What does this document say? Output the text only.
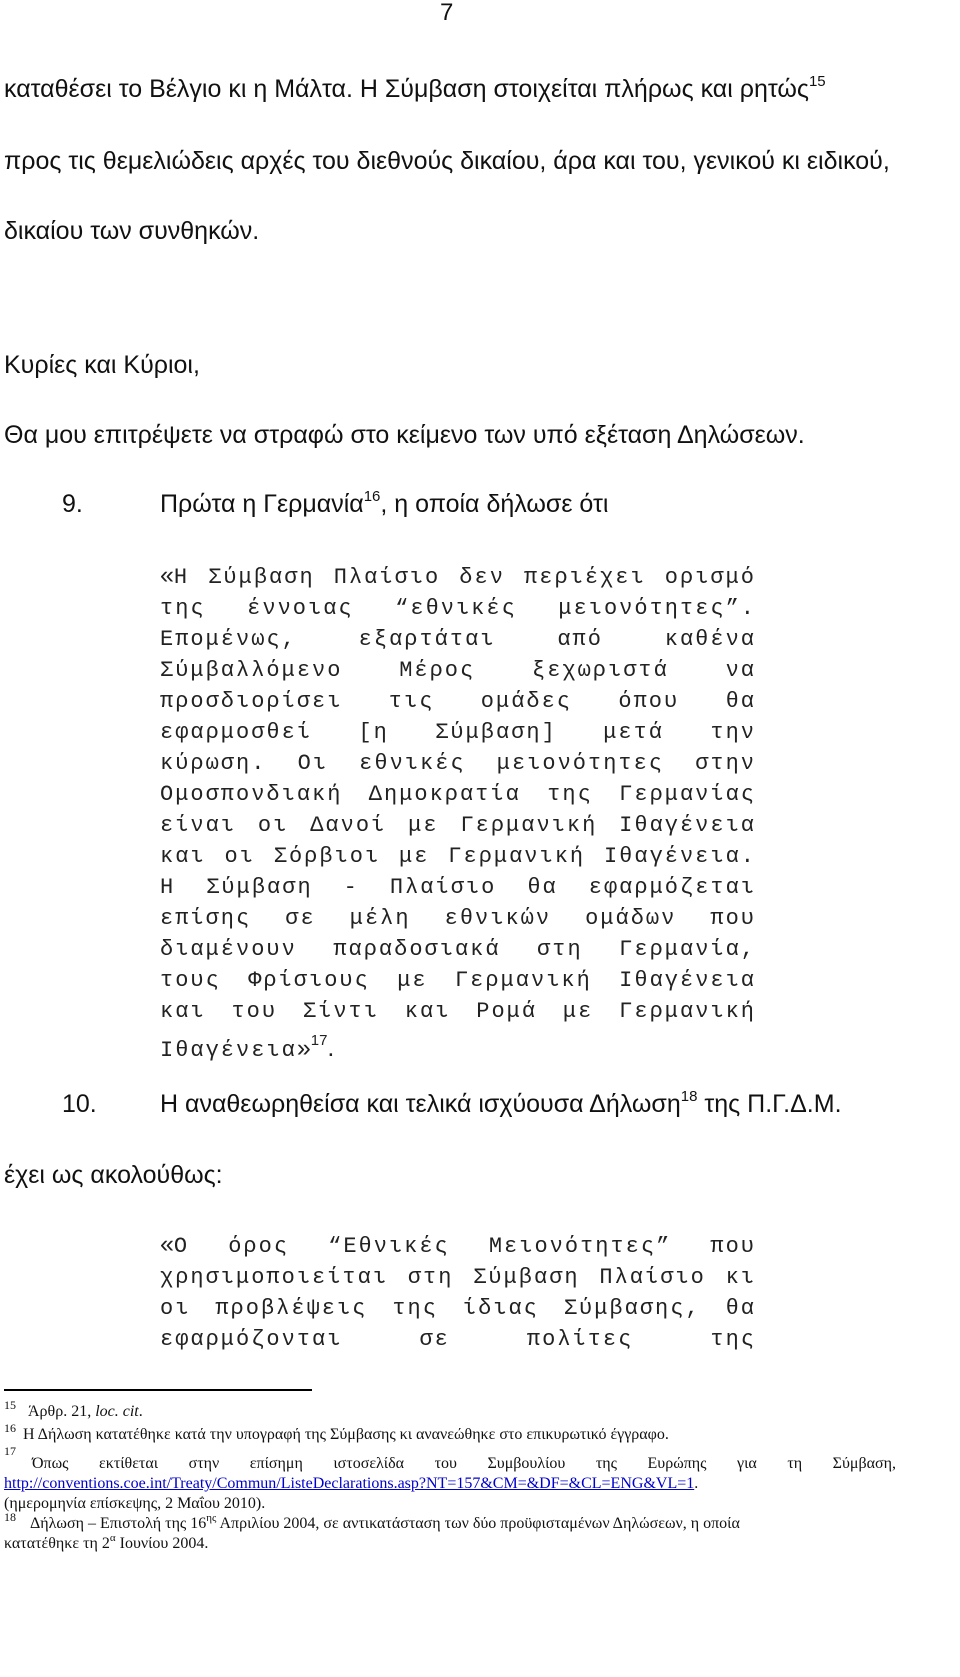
7
καταθέσει το Βέλγιο κι η Μάλτα. Η Σύμβαση στοιχείται πλήρως και ρητώς$^{15}$
προς τις θεμελιώδεις αρχές του διεθνούς δικαίου, άρα και του, γενικού κι ειδικού,
δικαίου των συνθηκών.
Κυρίες και Κύριοι,
Θα μου επιτρέψετε να στραφώ στο κείμενο των υπό εξέταση Δηλώσεων.
9.	Πρώτα η Γερμανία$^{16}$, η οποία δήλωσε ότι
«Η Σύμβαση Πλαίσιο δεν περιέχει ορισμό
της έννοιας “εθνικές μειονότητες”.
Επομένως, εξαρτάται από καθένα
Σύμβαλλόμενο Μέρος ξεχωριστά να
προσδιορίσει τις ομάδες όπου θα
εφαρμοσθεί [η Σύμβαση] μετά την
κύρωση. Οι εθνικές μειονότητες στην
Ομοσπονδιακή Δημοκρατία της Γερμανίας
είναι οι Δανοί με Γερμανική Ιθαγένεια
και οι Σόρβιοι με Γερμανική Ιθαγένεια.
Η Σύμβαση - Πλαίσιο θα εφαρμόζεται
επίσης σε μέλη εθνικών ομάδων που
διαμένουν παραδοσιακά στη Γερμανία,
τους Φρίσιους με Γερμανική Ιθαγένεια
και του Σίντι και Ρομά με Γερμανική
Ιθαγένεια»$^{17}$.
10.	Η αναθεωρηθείσα και τελικά ισχύουσα Δήλωση$^{18}$ της Π.Γ.Δ.Μ.
έχει ως ακολούθως:
«Ο όρος “Εθνικές Μειονότητες” που
χρησιμοποιείται στη Σύμβαση Πλαίσιο κι
οι προβλέψεις της ίδιας Σύμβασης, θα
εφαρμόζονται σε πολίτες της
$^{15}$ Άρθρ. 21, loc. cit.
$^{16}$ Η Δήλωση κατατέθηκε κατά την υπογραφή της Σύμβασης κι ανανεώθηκε στο επικυρωτικό έγγραφο.
$^{17}$
Όπως εκτίθεται στην επίσημη ιστοσελίδα του Συμβουλίου της Ευρώπης για τη Σύμβαση,
http://conventions.coe.int/Treaty/Commun/ListeDeclarations.asp?NT=157&CM=&DF=&CL=ENG&VL=1.
(ημερομηνία επίσκεψης, 2 Μαΐου 2010).
$^{18}$ Δήλωση – Επιστολή της $16^{\eta\varsigma}$ Απριλίου 2004, σε αντικατάσταση των δύο προϋφισταμένων Δηλώσεων, η οποία
κατατέθηκε τη $2^\alpha$ Ιουνίου 2004.
